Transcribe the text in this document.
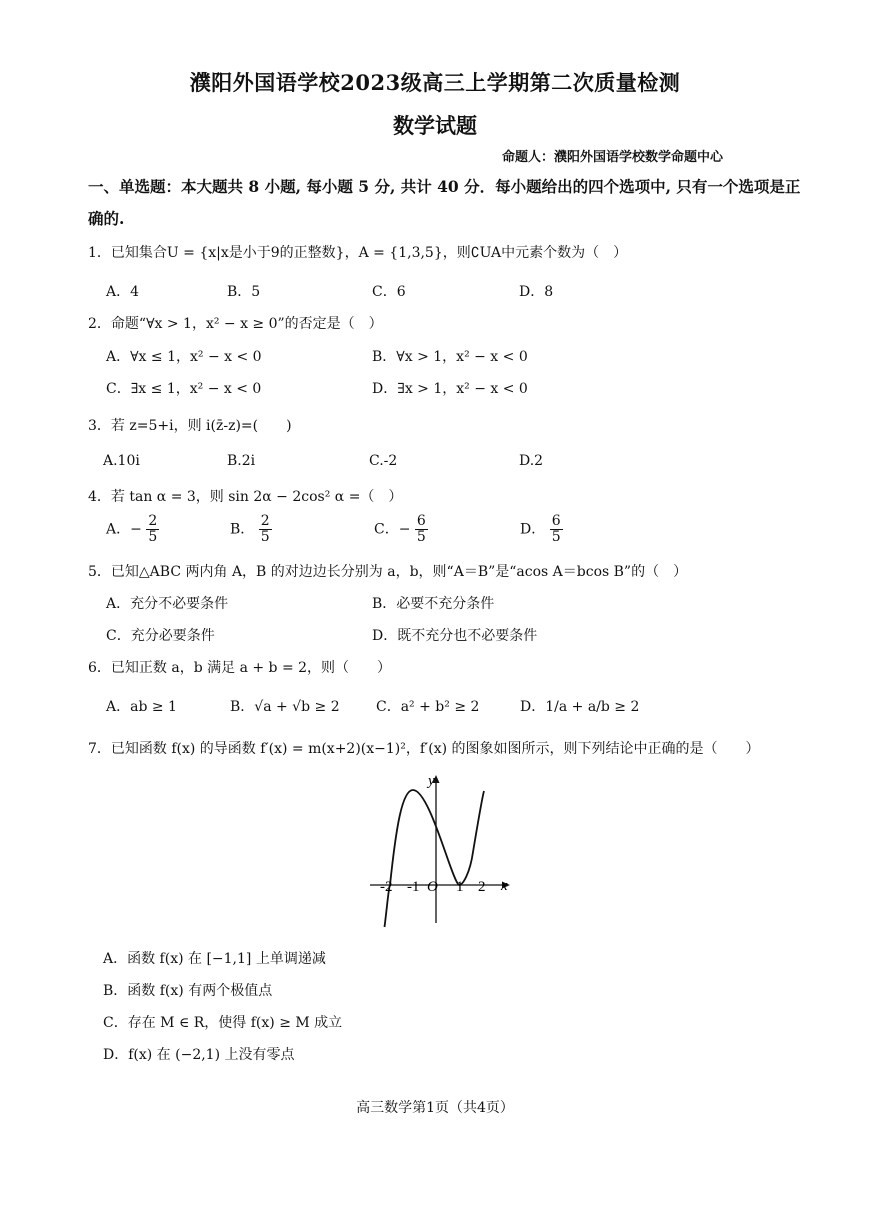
濮阳外国语学校2023级高三上学期第二次质量检测
数学试题
命题人：濮阳外国语学校数学命题中心
一、单选题：本大题共 8 小题, 每小题 5 分, 共计 40 分．每小题给出的四个选项中, 只有一个选项是正确的.
1．已知集合U = {x|x是小于9的正整数}，A = {1,3,5}，则∁UA中元素个数为（　）
A．4	B．5	C．6	D．8
2．命题“∀x > 1，x² − x ≥ 0”的否定是（　）
A．∀x ≤ 1，x² − x < 0	B．∀x > 1，x² − x < 0
C．∃x ≤ 1，x² − x < 0	D．∃x > 1，x² − x < 0
3．若 z=5+i，则 i(z̄-z)=(　　)
A.10i	B.2i	C.-2	D.2
4．若 tan α = 3，则 sin 2α − 2cos² α =（　）
A．− $\frac{2}{5}$	B． $\frac{2}{5}$	C．− $\frac{6}{5}$	D． $\frac{6}{5}$
5．已知△ABC 两内角 A，B 的对边边长分别为 a，b，则“A＝B”是“acos A＝bcos B”的（　）
A．充分不必要条件	B．必要不充分条件
C．充分必要条件	D．既不充分也不必要条件
6．已知正数 a，b 满足 a + b = 2，则（　　）
A．ab ≥ 1	B．√a + √b ≥ 2	C．a² + b² ≥ 2	D．1/a + a/b ≥ 2
7．已知函数 f(x) 的导函数 f′(x) = m(x+2)(x−1)²，f′(x) 的图象如图所示，则下列结论中正确的是（　　）
y
x
O
-2 -1 1 2
A．函数 f(x) 在 [−1,1] 上单调递减
B．函数 f(x) 有两个极值点
C．存在 M ∈ R，使得 f(x) ≥ M 成立
D．f(x) 在 (−2,1) 上没有零点
高三数学第1页（共4页）
